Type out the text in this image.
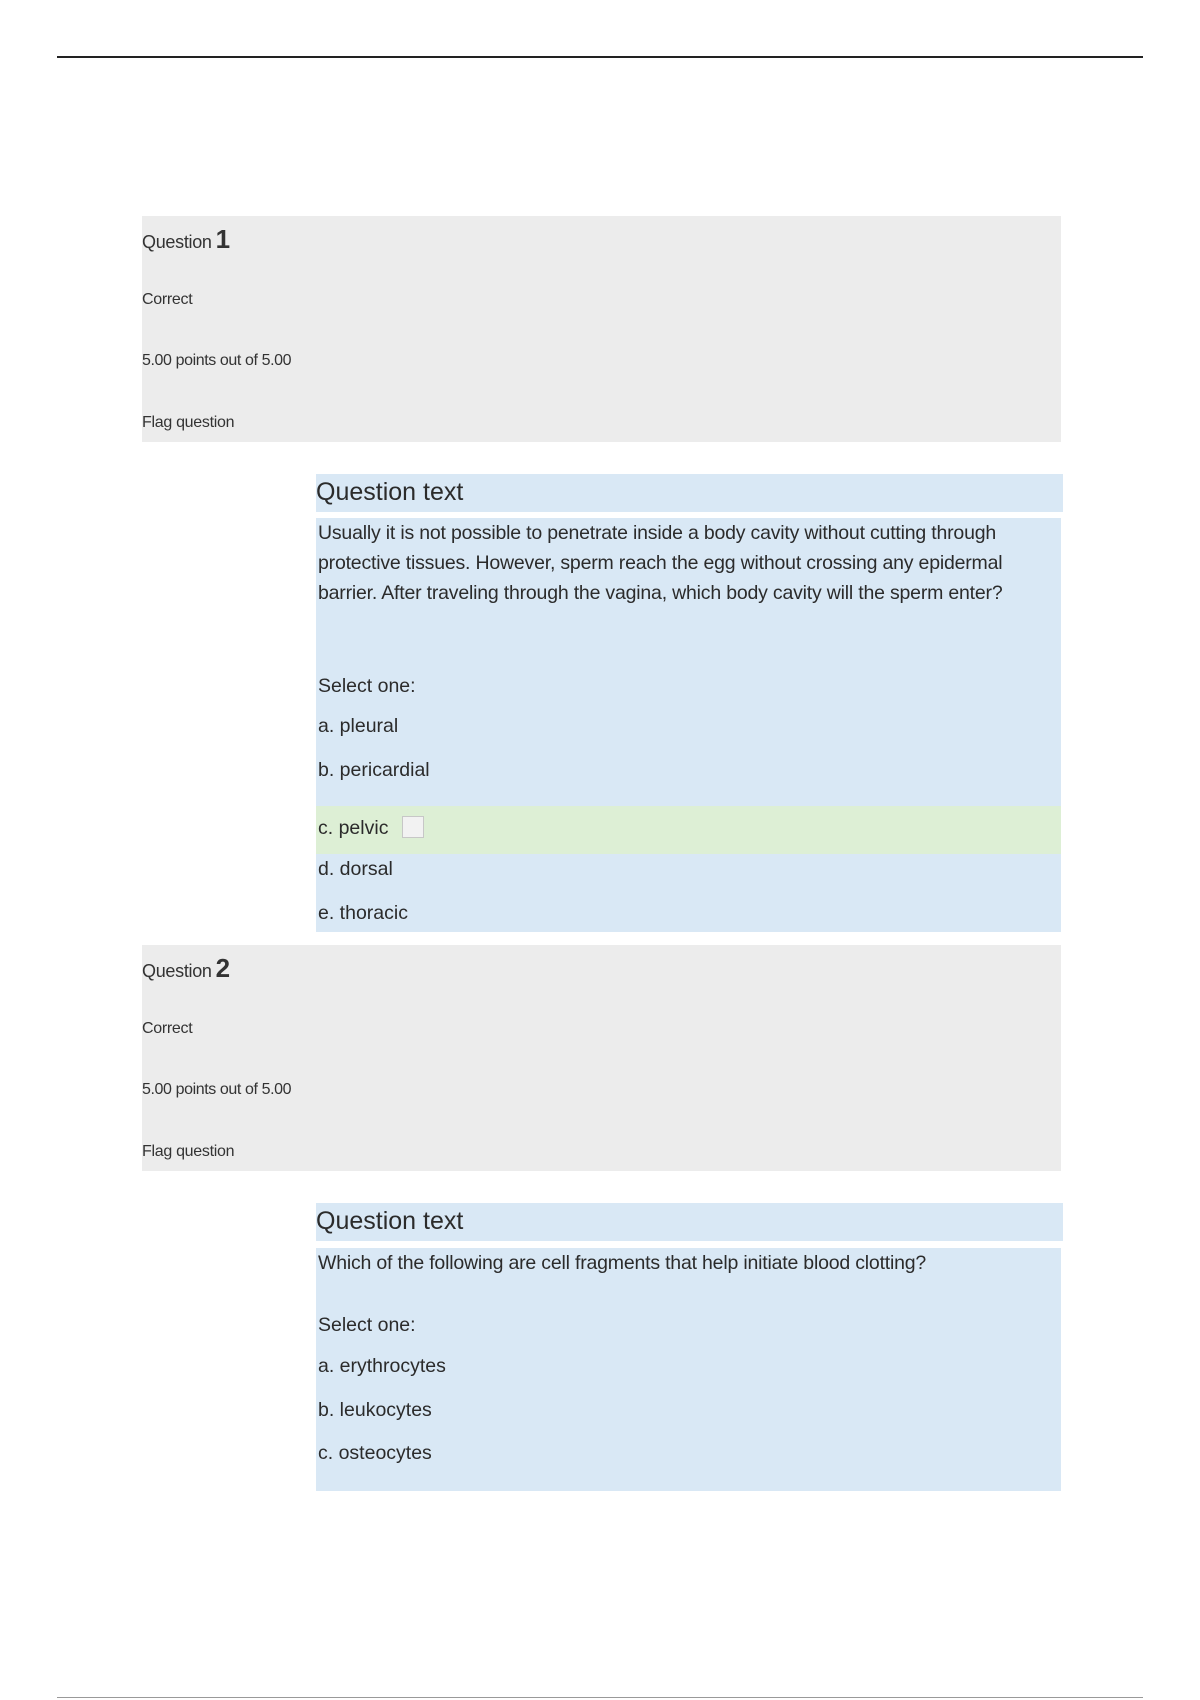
Question 1
Correct
5.00 points out of 5.00
Flag question
Question text
Usually it is not possible to penetrate inside a body cavity without cutting through protective tissues. However, sperm reach the egg without crossing any epidermal barrier. After traveling through the vagina, which body cavity will the sperm enter?
Select one:
a. pleural
b. pericardial
c. pelvic
d. dorsal
e. thoracic
Question 2
Correct
5.00 points out of 5.00
Flag question
Question text
Which of the following are cell fragments that help initiate blood clotting?
Select one:
a. erythrocytes
b. leukocytes
c. osteocytes
